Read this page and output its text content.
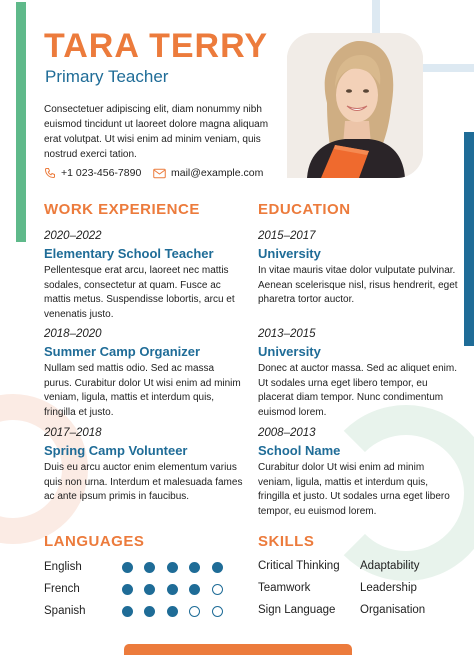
TARA TERRY
Primary Teacher
Consectetuer adipiscing elit, diam nonummy nibh euismod tincidunt ut laoreet dolore magna aliquam erat volutpat. Ut wisi enim ad minim veniam, quis nostrud exerci tation.
+1 023-456-7890	mail@example.com
WORK EXPERIENCE
2020–2022
Elementary School Teacher
Pellentesque erat arcu, laoreet nec mattis sodales, consectetur at quam. Fusce ac mattis metus. Suspendisse lobortis, arcu et venenatis justo.
2018–2020
Summer Camp Organizer
Nullam sed mattis odio. Sed ac massa purus. Curabitur dolor Ut wisi enim ad minim veniam, ligula, mattis et interdum quis, fringilla et justo.
2017–2018
Spring Camp Volunteer
Duis eu arcu auctor enim elementum varius quis non urna. Interdum et malesuada fames ac ante ipsum primis in faucibus.
EDUCATION
2015–2017
University
In vitae mauris vitae dolor vulputate pulvinar. Aenean scelerisque nisl, risus hendrerit, eget pharetra tortor auctor.
2013–2015
University
Donec at auctor massa. Sed ac aliquet enim. Ut sodales urna eget libero tempor, eu placerat diam tempor. Nunc condimentum euismod lorem.
2008–2013
School Name
Curabitur dolor Ut wisi enim ad minim veniam, ligula, mattis et interdum quis, fringilla et justo. Ut sodales urna eget libero tempor, eu euismod lorem.
LANGUAGES
English
French
Spanish
SKILLS
Critical Thinking Adaptability
Teamwork	Leadership
Sign Language Organisation
